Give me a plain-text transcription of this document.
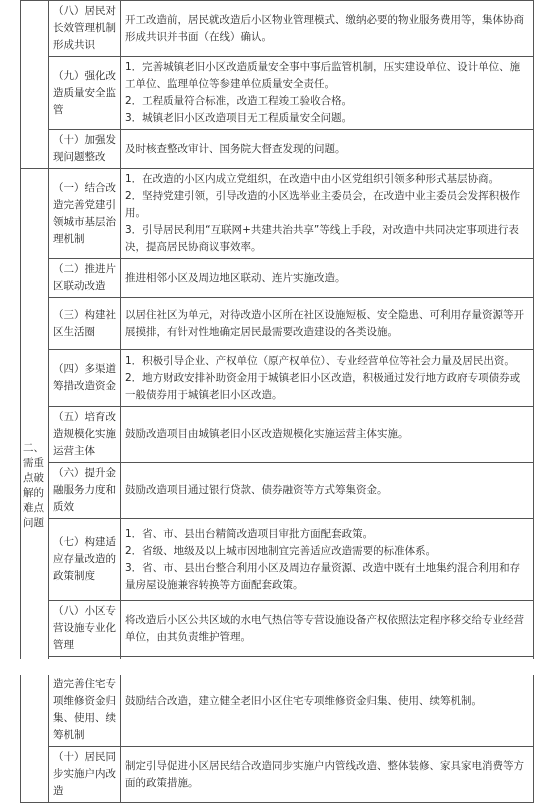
	（八）居民对长效管理机制形成共识	开工改造前，居民就改造后小区物业管理模式、缴纳必要的物业服务费用等，集体协商形成共识并书面（在线）确认。

	（九）强化改造质量安全监管	1．完善城镇老旧小区改造质量安全事中事后监管机制，压实建设单位、设计单位、施工单位、监理单位等参建单位质量安全责任。
2．工程质量符合标准，改造工程竣工验收合格。
3．城镇老旧小区改造项目无工程质量安全问题。

	（十）加强发现问题整改	及时核查整改审计、国务院大督查发现的问题。

二、需重点破解的难点问题	（一）结合改造完善党建引领城市基层治理机制	1．在改造的小区内成立党组织，在改造中由小区党组织引领多种形式基层协商。
2．坚持党建引领，引导改造的小区选举业主委员会，在改造中业主委员会发挥积极作用。
3．引导居民利用“互联网+共建共治共享”等线上手段，对改造中共同决定事项进行表决，提高居民协商议事效率。

	（二）推进片区联动改造	推进相邻小区及周边地区联动、连片实施改造。

	（三）构建社区生活圈	以居住社区为单元，对待改造小区所在社区设施短板、安全隐患、可利用存量资源等开展摸排，有针对性地确定居民最需要改造建设的各类设施。

	（四）多渠道筹措改造资金	1．积极引导企业、产权单位（原产权单位）、专业经营单位等社会力量及居民出资。
2．地方财政安排补助资金用于城镇老旧小区改造，积极通过发行地方政府专项债券或一般债券用于城镇老旧小区改造。

	（五）培育改造规模化实施运营主体	鼓励改造项目由城镇老旧小区改造规模化实施运营主体实施。

	（六）提升金融服务力度和质效	鼓励改造项目通过银行贷款、债券融资等方式筹集资金。

	（七）构建适应存量改造的政策制度	1．省、市、县出台精简改造项目审批方面配套政策。
2．省级、地级及以上城市因地制宜完善适应改造需要的标准体系。
3．省、市、县出台整合利用小区及周边存量资源、改造中既有土地集约混合利用和存量房屋设施兼容转换等方面配套政策。

	（八）小区专营设施专业化管理	将改造后小区公共区域的水电气热信等专营设施设备产权依照法定程序移交给专业经营单位，由其负责维护管理。

	造完善住宅专项维修资金归集、使用、续筹机制	鼓励结合改造，建立健全老旧小区住宅专项维修资金归集、使用、续筹机制。

	（十）居民同步实施户内改造	制定引导促进小区居民结合改造同步实施户内管线改造、整体装修、家具家电消费等方面的政策措施。
